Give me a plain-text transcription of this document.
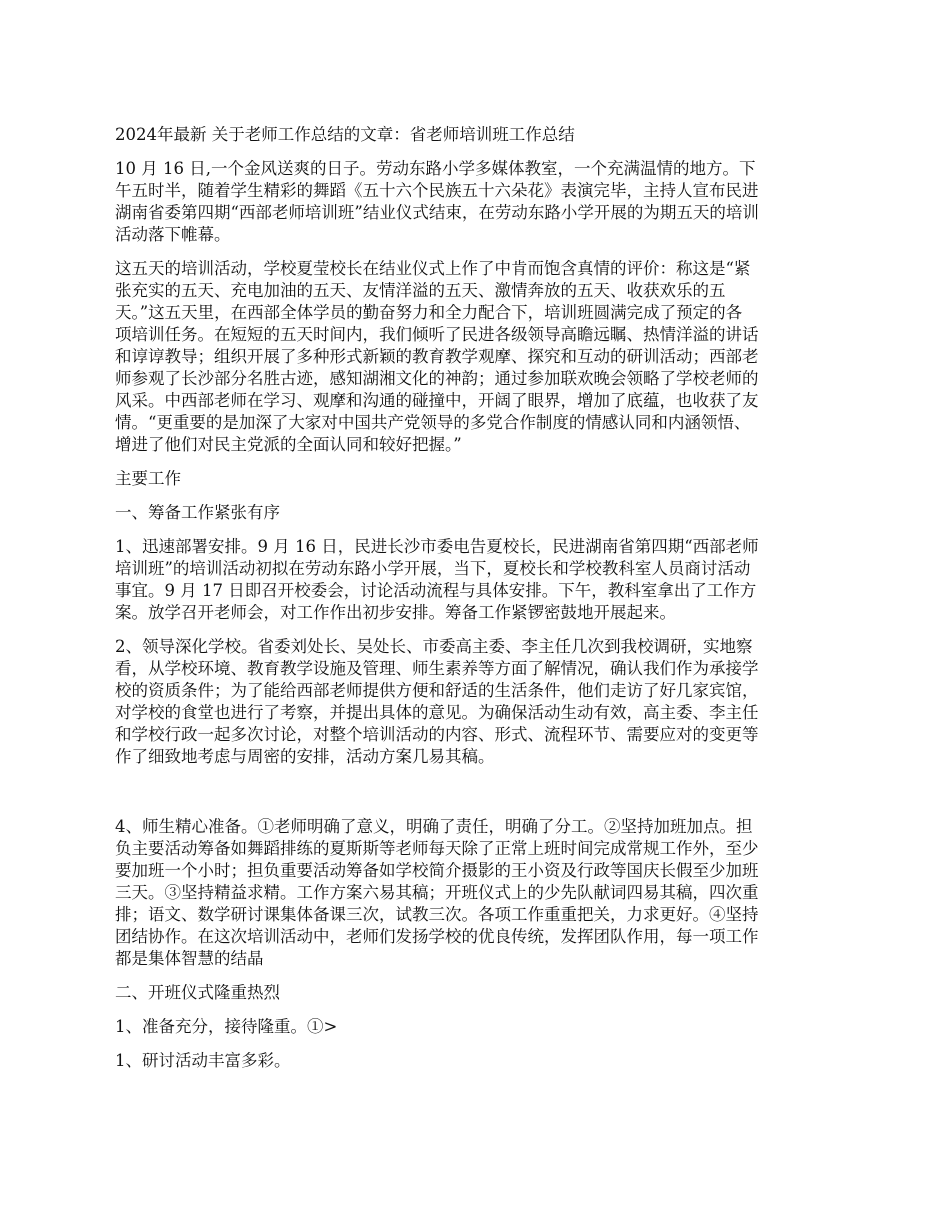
2024年最新 关于老师工作总结的文章：省老师培训班工作总结
10 月 16 日,一个金风送爽的日子。劳动东路小学多媒体教室，一个充满温情的地方。下
午五时半，随着学生精彩的舞蹈《五十六个民族五十六朵花》表演完毕，主持人宣布民进
湖南省委第四期“西部老师培训班”结业仪式结束，在劳动东路小学开展的为期五天的培训
活动落下帷幕。
这五天的培训活动，学校夏莹校长在结业仪式上作了中肯而饱含真情的评价：称这是“紧
张充实的五天、充电加油的五天、友情洋溢的五天、激情奔放的五天、收获欢乐的五
天。”这五天里，在西部全体学员的勤奋努力和全力配合下，培训班圆满完成了预定的各
项培训任务。在短短的五天时间内，我们倾听了民进各级领导高瞻远瞩、热情洋溢的讲话
和谆谆教导；组织开展了多种形式新颖的教育教学观摩、探究和互动的研训活动；西部老
师参观了长沙部分名胜古迹，感知湖湘文化的神韵；通过参加联欢晚会领略了学校老师的
风采。中西部老师在学习、观摩和沟通的碰撞中，开阔了眼界，增加了底蕴，也收获了友
情。“更重要的是加深了大家对中国共产党领导的多党合作制度的情感认同和内涵领悟、
增进了他们对民主党派的全面认同和较好把握。”
主要工作
一、筹备工作紧张有序
1、迅速部署安排。9 月 16 日，民进长沙市委电告夏校长，民进湖南省第四期“西部老师
培训班”的培训活动初拟在劳动东路小学开展，当下，夏校长和学校教科室人员商讨活动
事宜。9 月 17 日即召开校委会，讨论活动流程与具体安排。下午，教科室拿出了工作方
案。放学召开老师会，对工作作出初步安排。筹备工作紧锣密鼓地开展起来。
2、领导深化学校。省委刘处长、吴处长、市委高主委、李主任几次到我校调研，实地察
看，从学校环境、教育教学设施及管理、师生素养等方面了解情况，确认我们作为承接学
校的资质条件；为了能给西部老师提供方便和舒适的生活条件，他们走访了好几家宾馆，
对学校的食堂也进行了考察，并提出具体的意见。为确保活动生动有效，高主委、李主任
和学校行政一起多次讨论，对整个培训活动的内容、形式、流程环节、需要应对的变更等
作了细致地考虑与周密的安排，活动方案几易其稿。
4、师生精心准备。①老师明确了意义，明确了责任，明确了分工。②坚持加班加点。担
负主要活动筹备如舞蹈排练的夏斯斯等老师每天除了正常上班时间完成常规工作外，至少
要加班一个小时；担负重要活动筹备如学校简介摄影的王小资及行政等国庆长假至少加班
三天。③坚持精益求精。工作方案六易其稿；开班仪式上的少先队献词四易其稿，四次重
排；语文、数学研讨课集体备课三次，试教三次。各项工作重重把关，力求更好。④坚持
团结协作。在这次培训活动中，老师们发扬学校的优良传统，发挥团队作用，每一项工作
都是集体智慧的结晶
二、开班仪式隆重热烈
1、准备充分，接待隆重。①>
1、研讨活动丰富多彩。
